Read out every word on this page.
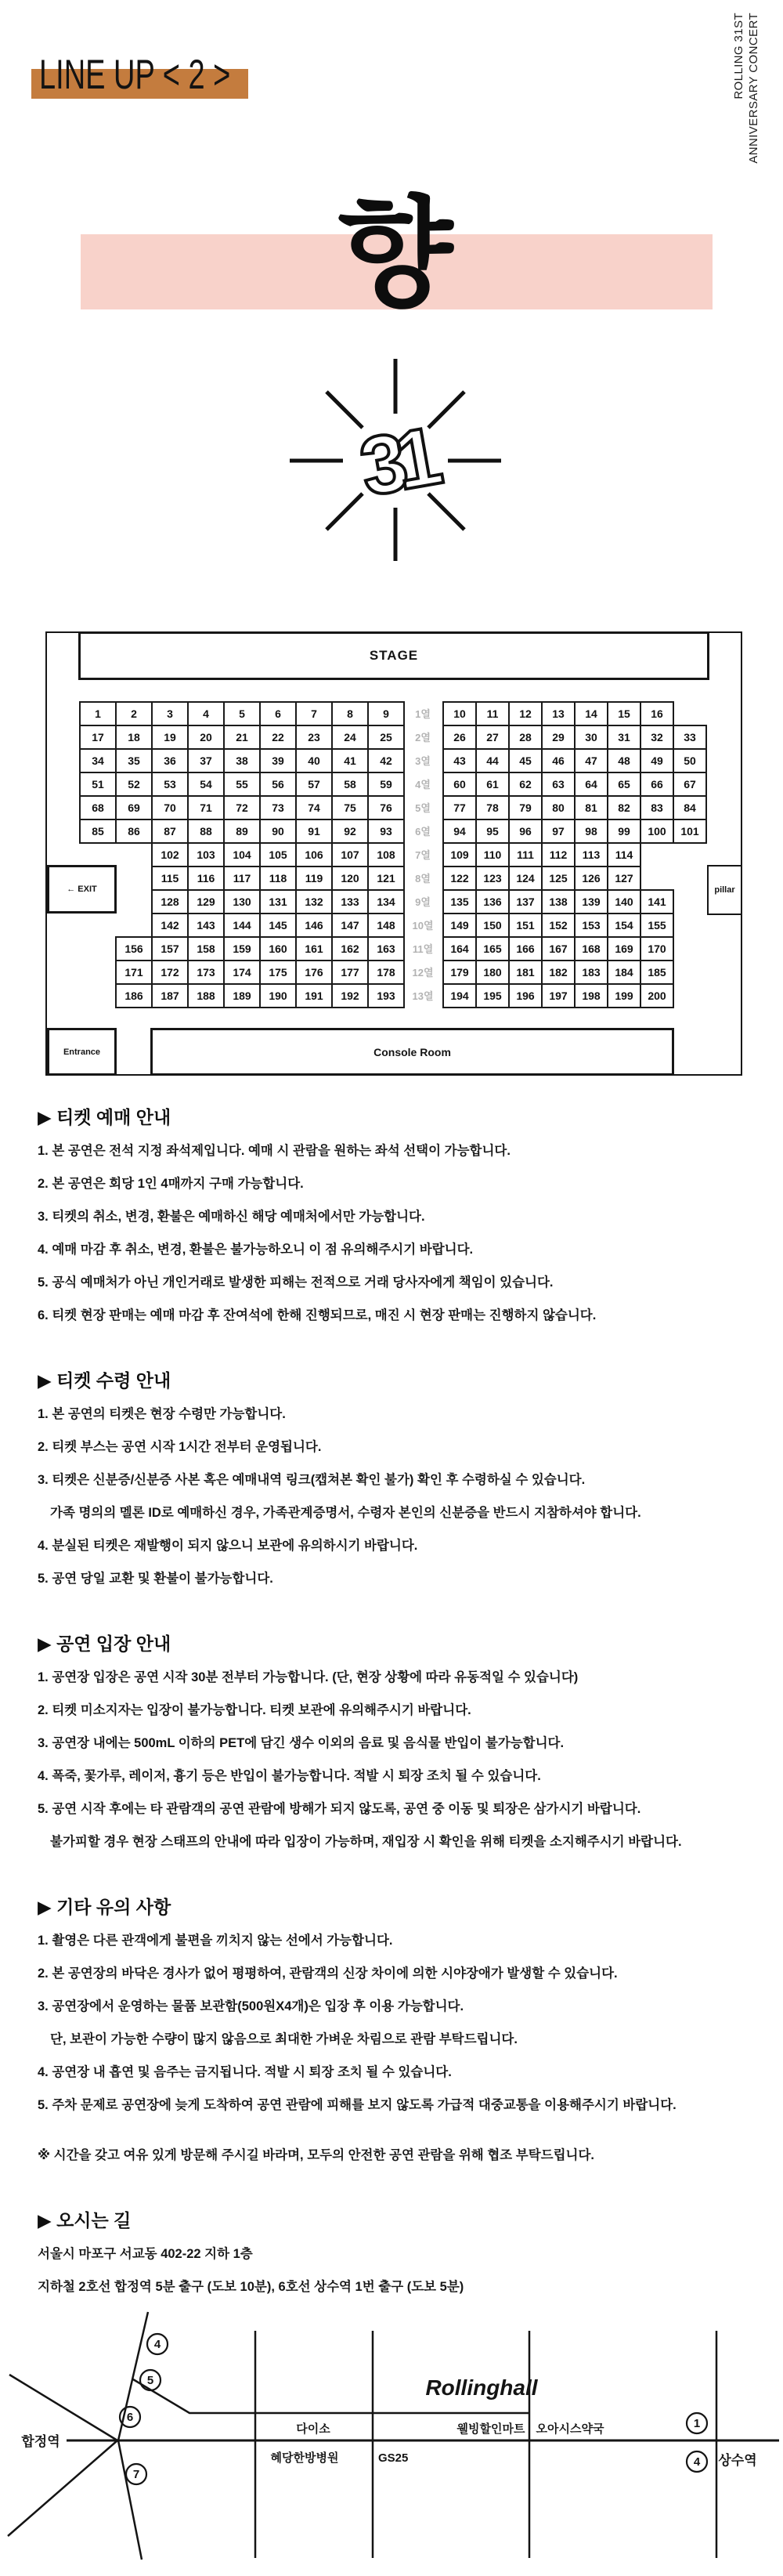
LINE UP < 2 >	ROLLING 31ST ANNIVERSARY CONCERT
향
31
STAGE
← EXIT	pillar
Entrance	Console Room
1	2	3	4	5	6	7	8	9	10	11	12	13	14	15	16
1열
17	18	19	20	21	22	23	24	25	26	27	28	29	30	31	32	33
2열
34	35	36	37	38	39	40	41	42	43	44	45	46	47	48	49	50
3열
51	52	53	54	55	56	57	58	59	60	61	62	63	64	65	66	67
4열
68	69	70	71	72	73	74	75	76	77	78	79	80	81	82	83	84
5열
85	86	87	88	89	90	91	92	93	94	95	96	97	98	99	100	101
6열
102	103	104	105	106	107	108	109	110	111	112	113	114
7열
115	116	117	118	119	120	121	122	123	124	125	126	127
8열
128	129	130	131	132	133	134	135	136	137	138	139	140	141
9열
142	143	144	145	146	147	148	149	150	151	152	153	154	155
10열
156	157	158	159	160	161	162	163	164	165	166	167	168	169	170
11열
171	172	173	174	175	176	177	178	179	180	181	182	183	184	185
12열
186	187	188	189	190	191	192	193	194	195	196	197	198	199	200
13열
▶ 티켓 예매 안내
1. 본 공연은 전석 지정 좌석제입니다. 예매 시 관람을 원하는 좌석 선택이 가능합니다.
2. 본 공연은 회당 1인 4매까지 구매 가능합니다.
3. 티켓의 취소, 변경, 환불은 예매하신 해당 예매처에서만 가능합니다.
4. 예매 마감 후 취소, 변경, 환불은 불가능하오니 이 점 유의해주시기 바랍니다.
5. 공식 예매처가 아닌 개인거래로 발생한 피해는 전적으로 거래 당사자에게 책임이 있습니다.
6. 티켓 현장 판매는 예매 마감 후 잔여석에 한해 진행되므로, 매진 시 현장 판매는 진행하지 않습니다.
▶ 티켓 수령 안내
1. 본 공연의 티켓은 현장 수령만 가능합니다.
2. 티켓 부스는 공연 시작 1시간 전부터 운영됩니다.
3. 티켓은 신분증/신분증 사본 혹은 예매내역 링크(캡쳐본 확인 불가) 확인 후 수령하실 수 있습니다.
가족 명의의 멜론 ID로 예매하신 경우, 가족관계증명서, 수령자 본인의 신분증을 반드시 지참하셔야 합니다.
4. 분실된 티켓은 재발행이 되지 않으니 보관에 유의하시기 바랍니다.
5. 공연 당일 교환 및 환불이 불가능합니다.
▶ 공연 입장 안내
1. 공연장 입장은 공연 시작 30분 전부터 가능합니다. (단, 현장 상황에 따라 유동적일 수 있습니다)
2. 티켓 미소지자는 입장이 불가능합니다. 티켓 보관에 유의해주시기 바랍니다.
3. 공연장 내에는 500mL 이하의 PET에 담긴 생수 이외의 음료 및 음식물 반입이 불가능합니다.
4. 폭죽, 꽃가루, 레이저, 흉기 등은 반입이 불가능합니다. 적발 시 퇴장 조치 될 수 있습니다.
5. 공연 시작 후에는 타 관람객의 공연 관람에 방해가 되지 않도록, 공연 중 이동 및 퇴장은 삼가시기 바랍니다.
불가피할 경우 현장 스태프의 안내에 따라 입장이 가능하며, 재입장 시 확인을 위해 티켓을 소지해주시기 바랍니다.
▶ 기타 유의 사항
1. 촬영은 다른 관객에게 불편을 끼치지 않는 선에서 가능합니다.
2. 본 공연장의 바닥은 경사가 없어 평평하여, 관람객의 신장 차이에 의한 시야장애가 발생할 수 있습니다.
3. 공연장에서 운영하는 물품 보관함(500원X4개)은 입장 후 이용 가능합니다.
단, 보관이 가능한 수량이 많지 않음으로 최대한 가벼운 차림으로 관람 부탁드립니다.
4. 공연장 내 흡연 및 음주는 금지됩니다. 적발 시 퇴장 조치 될 수 있습니다.
5. 주차 문제로 공연장에 늦게 도착하여 공연 관람에 피해를 보지 않도록 가급적 대중교통을 이용해주시기 바랍니다.
※ 시간을 갖고 여유 있게 방문해 주시길 바라며, 모두의 안전한 공연 관람을 위해 협조 부탁드립니다.
▶ 오시는 길
서울시 마포구 서교동 402-22 지하 1층
지하철 2호선 합정역 5분 출구 (도보 10분), 6호선 상수역 1번 출구 (도보 5분)
Rollinghall
합정역
상수역
다이소	웰빙할인마트 오아시스약국
혜당한방병원	GS25
4
5
6
7
1
4
